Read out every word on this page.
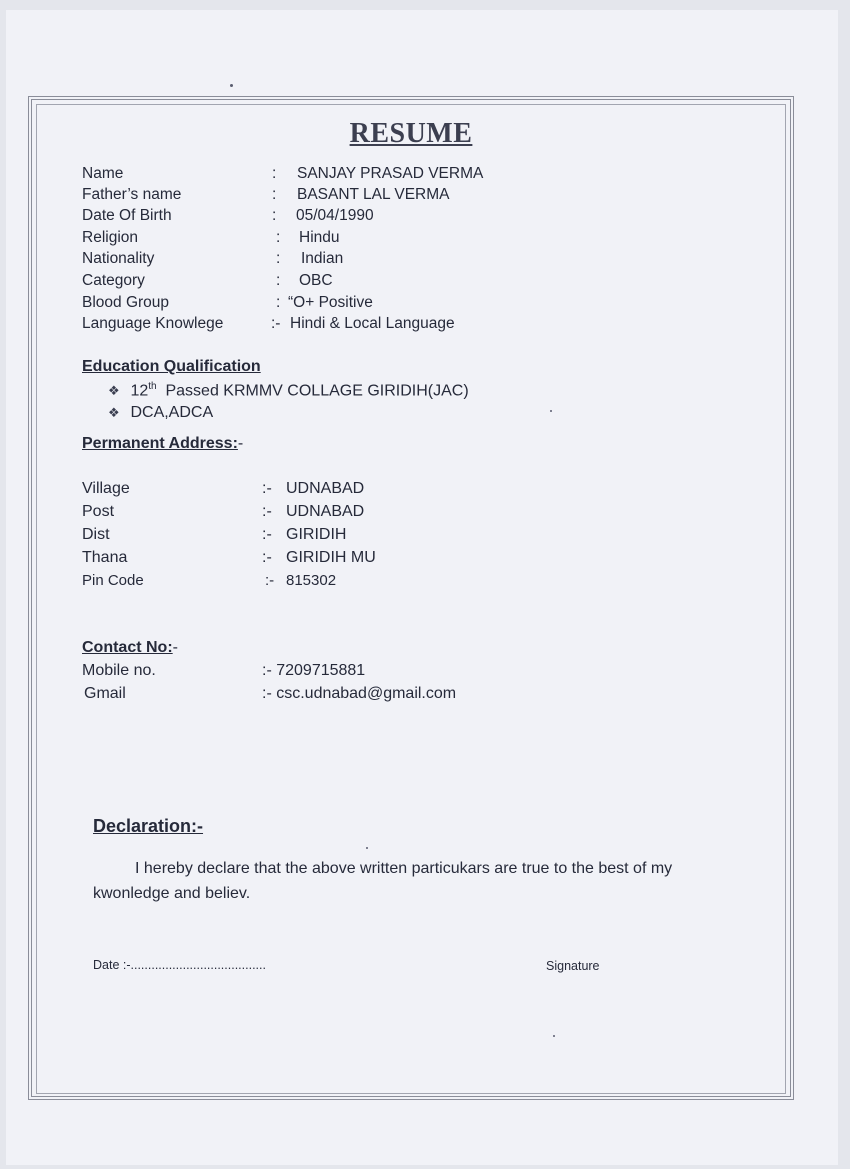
RESUME
Name	: SANJAY PRASAD VERMA
Father’s name	: BASANT LAL VERMA
Date Of Birth	: 05/04/1990
Religion	: Hindu
Nationality	: Indian
Category	: OBC
Blood Group	: “O+ Positive
Language Knowlege	:- Hindi & Local Language
Education Qualification
❖ 12th Passed KRMMV COLLAGE GIRIDIH(JAC)
❖ DCA,ADCA
Permanent Address:-
Village	:- UDNABAD
Post	:- UDNABAD
Dist	:- GIRIDIH
Thana	:- GIRIDIH MU
Pin Code	:- 815302
Contact No:-
Mobile no.	:- 7209715881
Gmail	:- csc.udnabad@gmail.com
Declaration:-
I hereby declare that the above written particukars are true to the best of my kwonledge and believ.
Date :-.......................................	Signature
